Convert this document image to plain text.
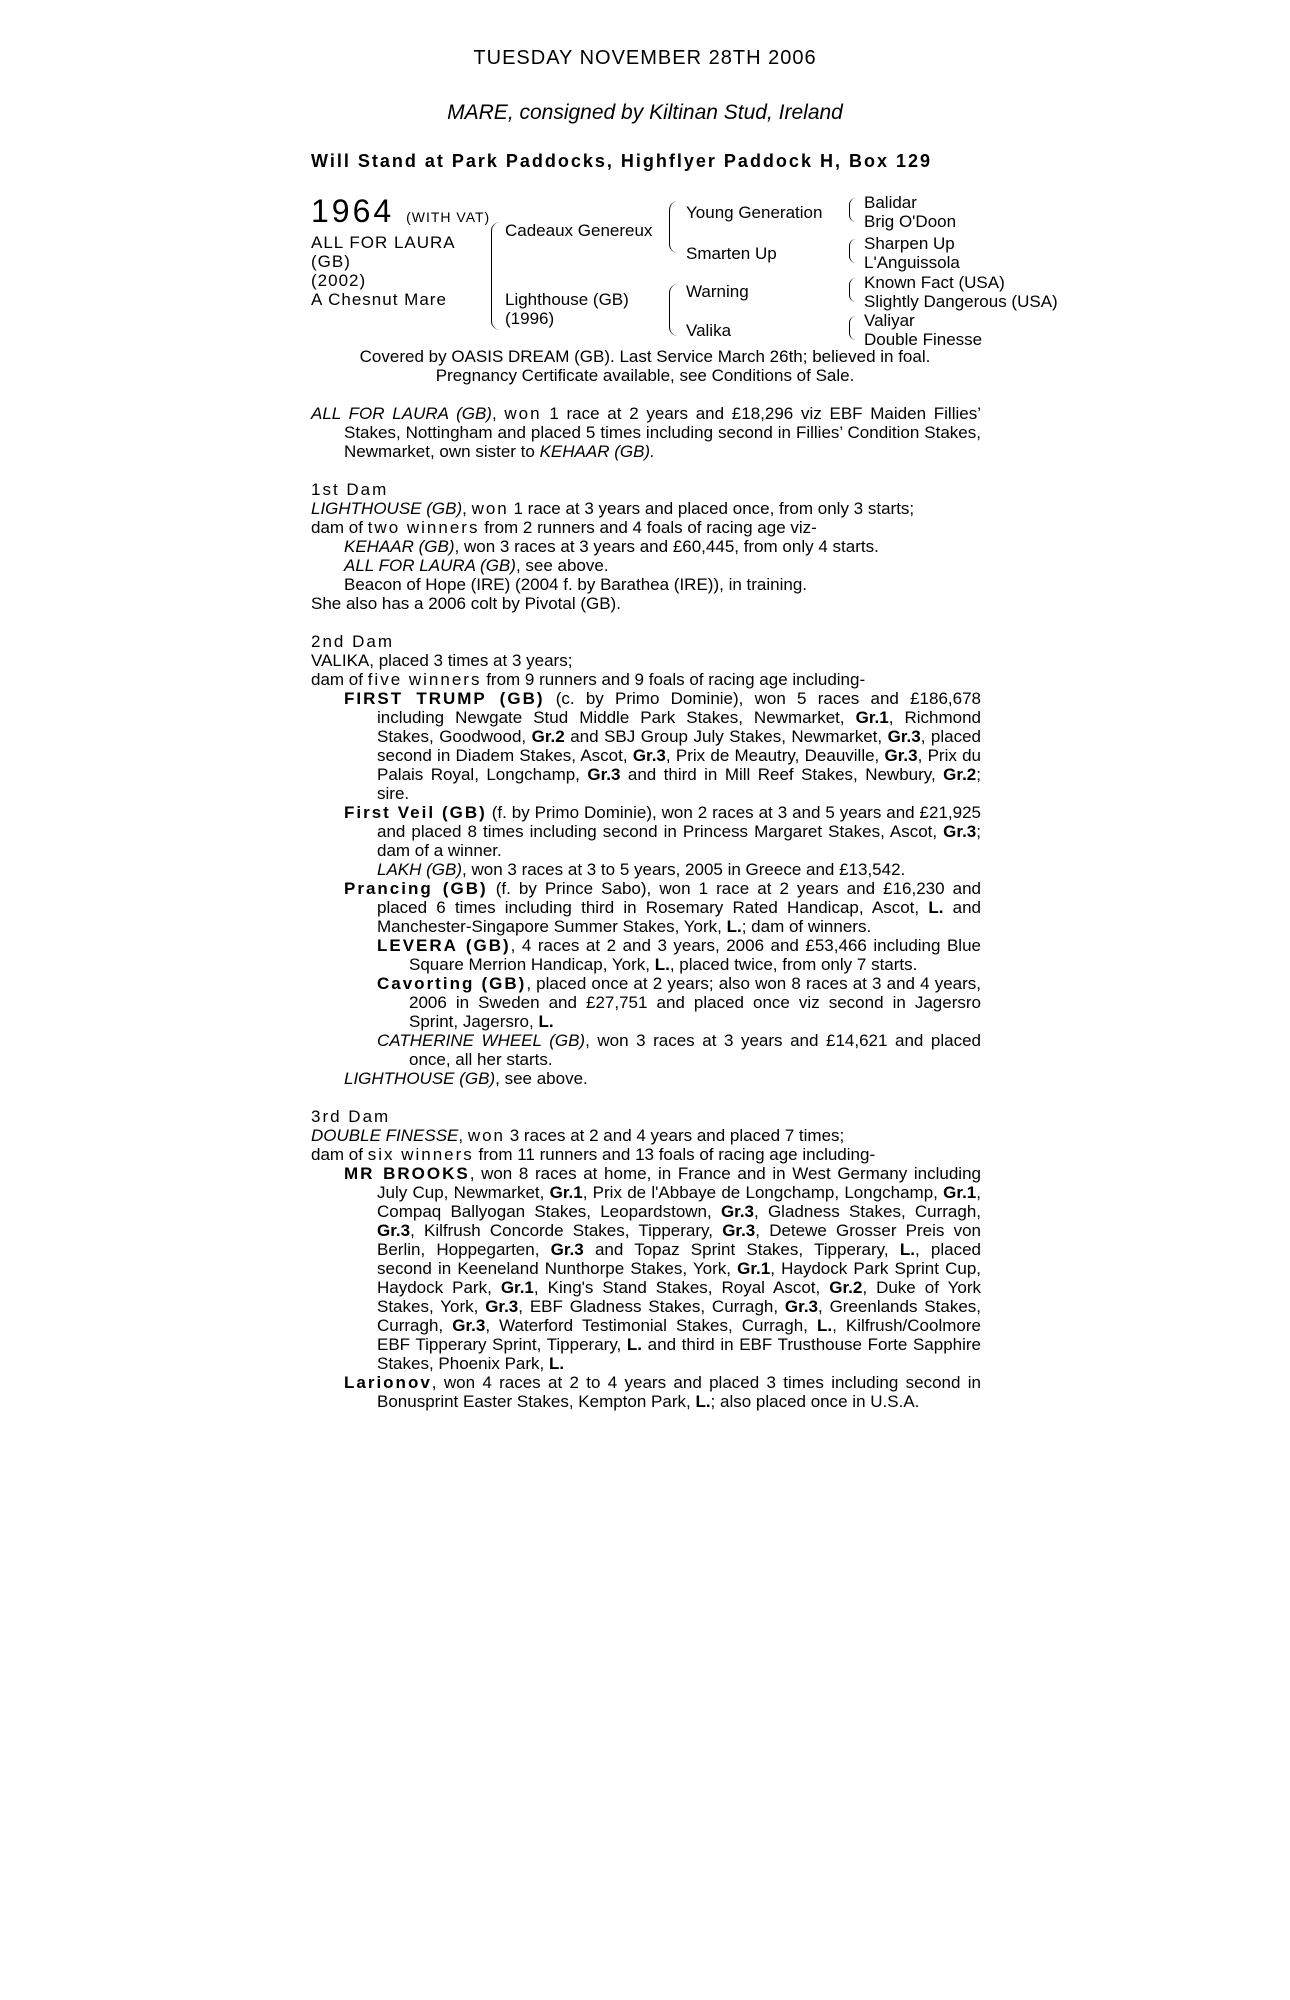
TUESDAY NOVEMBER 28TH 2006
MARE, consigned by Kiltinan Stud, Ireland
Will Stand at Park Paddocks, Highflyer Paddock H, Box 129
1964 (WITH VAT)
ALL FOR LAURA
(GB)
(2002)
A Chesnut Mare
Cadeaux Genereux
Lighthouse (GB)
(1996)
Young Generation
Smarten Up
Warning
Valika
Balidar
Brig O'Doon
Sharpen Up
L'Anguissola
Known Fact (USA)
Slightly Dangerous (USA)
Valiyar
Double Finesse
Covered by OASIS DREAM (GB). Last Service March 26th; believed in foal.
Pregnancy Certificate available, see Conditions of Sale.

ALL FOR LAURA (GB), won 1 race at 2 years and £18,296 viz EBF Maiden Fillies’ Stakes, Nottingham and placed 5 times including second in Fillies’ Condition Stakes, Newmarket, own sister to KEHAAR (GB).

1st Dam
LIGHTHOUSE (GB), won 1 race at 3 years and placed once, from only 3 starts;
dam of two winners from 2 runners and 4 foals of racing age viz-
KEHAAR (GB), won 3 races at 3 years and £60,445, from only 4 starts.
ALL FOR LAURA (GB), see above.
Beacon of Hope (IRE) (2004 f. by Barathea (IRE)), in training.
She also has a 2006 colt by Pivotal (GB).
2nd Dam
VALIKA, placed 3 times at 3 years;
dam of five winners from 9 runners and 9 foals of racing age including-

FIRST TRUMP (GB) (c. by Primo Dominie), won 5 races and £186,678 including Newgate Stud Middle Park Stakes, Newmarket, Gr.1, Richmond Stakes, Goodwood, Gr.2 and SBJ Group July Stakes, Newmarket, Gr.3, placed second in Diadem Stakes, Ascot, Gr.3, Prix de Meautry, Deauville, Gr.3, Prix du Palais Royal, Longchamp, Gr.3 and third in Mill Reef Stakes, Newbury, Gr.2; sire.

First Veil (GB) (f. by Primo Dominie), won 2 races at 3 and 5 years and £21,925 and placed 8 times including second in Princess Margaret Stakes, Ascot, Gr.3; dam of a winner.

LAKH (GB), won 3 races at 3 to 5 years, 2005 in Greece and £13,542.

Prancing (GB) (f. by Prince Sabo), won 1 race at 2 years and £16,230 and placed 6 times including third in Rosemary Rated Handicap, Ascot, L. and Manchester-Singapore Summer Stakes, York, L.; dam of winners.

LEVERA (GB), 4 races at 2 and 3 years, 2006 and £53,466 including Blue Square Merrion Handicap, York, L., placed twice, from only 7 starts.

Cavorting (GB), placed once at 2 years; also won 8 races at 3 and 4 years, 2006 in Sweden and £27,751 and placed once viz second in Jagersro Sprint, Jagersro, L.

CATHERINE WHEEL (GB), won 3 races at 3 years and £14,621 and placed once, all her starts.

LIGHTHOUSE (GB), see above.
3rd Dam
DOUBLE FINESSE, won 3 races at 2 and 4 years and placed 7 times;
dam of six winners from 11 runners and 13 foals of racing age including-

MR BROOKS, won 8 races at home, in France and in West Germany including July Cup, Newmarket, Gr.1, Prix de l'Abbaye de Longchamp, Longchamp, Gr.1, Compaq Ballyogan Stakes, Leopardstown, Gr.3, Gladness Stakes, Curragh, Gr.3, Kilfrush Concorde Stakes, Tipperary, Gr.3, Detewe Grosser Preis von Berlin, Hoppegarten, Gr.3 and Topaz Sprint Stakes, Tipperary, L., placed second in Keeneland Nunthorpe Stakes, York, Gr.1, Haydock Park Sprint Cup, Haydock Park, Gr.1, King's Stand Stakes, Royal Ascot, Gr.2, Duke of York Stakes, York, Gr.3, EBF Gladness Stakes, Curragh, Gr.3, Greenlands Stakes, Curragh, Gr.3, Waterford Testimonial Stakes, Curragh, L., Kilfrush/Coolmore EBF Tipperary Sprint, Tipperary, L. and third in EBF Trusthouse Forte Sapphire Stakes, Phoenix Park, L.

Larionov, won 4 races at 2 to 4 years and placed 3 times including second in Bonusprint Easter Stakes, Kempton Park, L.; also placed once in U.S.A.
